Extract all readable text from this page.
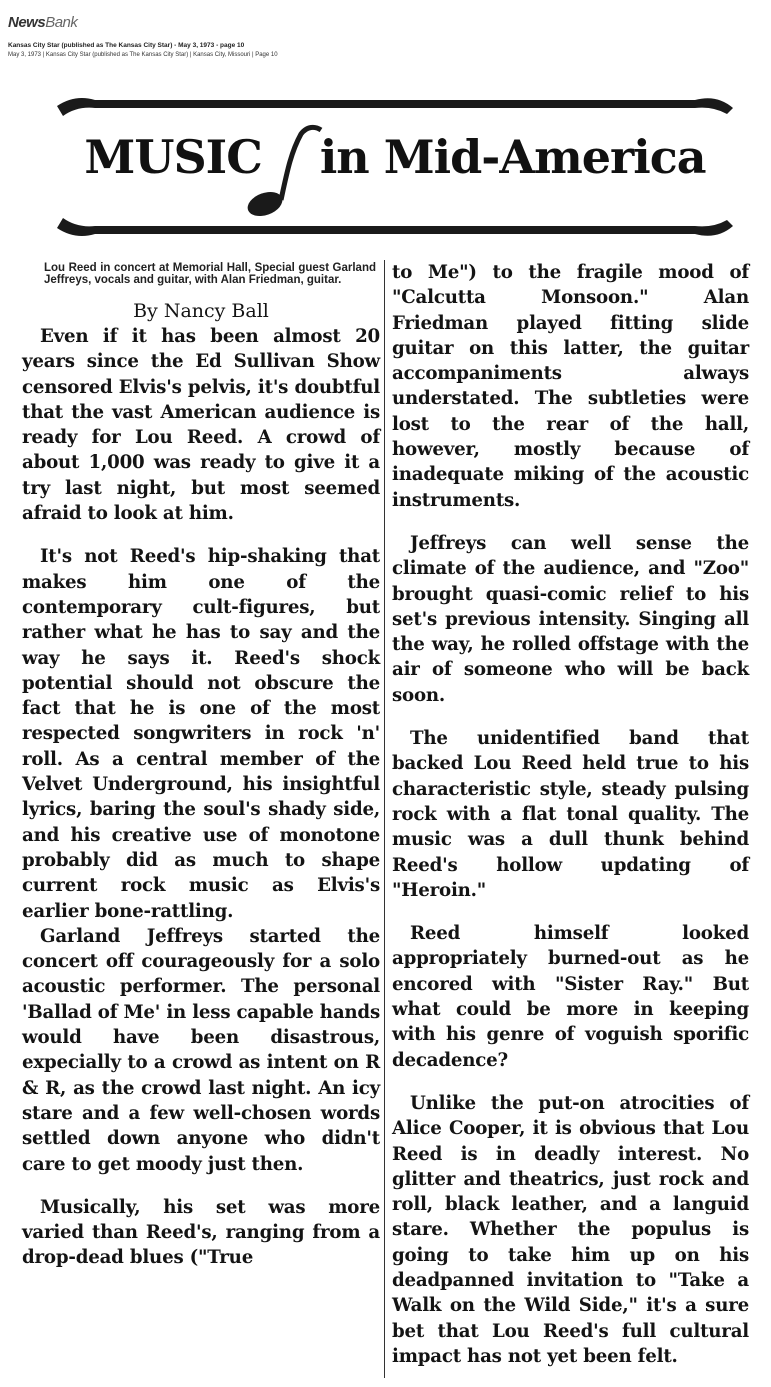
NewsBank
Kansas City Star (published as The Kansas City Star) - May 3, 1973 - page 10
May 3, 1973 | Kansas City Star (published as The Kansas City Star) | Kansas City, Missouri | Page 10
MUSIC in Mid-America
Lou Reed in concert at Memorial Hall, Special guest Garland Jeffreys, vocals and guitar, with Alan Friedman, guitar.
By Nancy Ball

Even if it has been almost 20 years since the Ed Sullivan Show censored Elvis's pelvis, it's doubtful that the vast American audience is ready for Lou Reed. A crowd of about 1,000 was ready to give it a try last night, but most seemed afraid to look at him.

It's not Reed's hip-shaking that makes him one of the contemporary cult-figures, but rather what he has to say and the way he says it. Reed's shock potential should not obscure the fact that he is one of the most respected songwriters in rock 'n' roll. As a central member of the Velvet Underground, his insightful lyrics, baring the soul's shady side, and his creative use of monotone probably did as much to shape current rock music as Elvis's earlier bone-rattling.

Garland Jeffreys started the concert off courageously for a solo acoustic performer. The personal 'Ballad of Me' in less capable hands would have been disastrous, expecially to a crowd as intent on R & R, as the crowd last night. An icy stare and a few well-chosen words settled down anyone who didn't care to get moody just then.

Musically, his set was more varied than Reed's, ranging from a drop-dead blues ("True

to Me") to the fragile mood of "Calcutta Monsoon." Alan Friedman played fitting slide guitar on this latter, the guitar accompaniments always understated. The subtleties were lost to the rear of the hall, however, mostly because of inadequate miking of the acoustic instruments.

Jeffreys can well sense the climate of the audience, and "Zoo" brought quasi-comic relief to his set's previous intensity. Singing all the way, he rolled offstage with the air of someone who will be back soon.

The unidentified band that backed Lou Reed held true to his characteristic style, steady pulsing rock with a flat tonal quality. The music was a dull thunk behind Reed's hollow updating of "Heroin."

Reed himself looked appropriately burned-out as he encored with "Sister Ray." But what could be more in keeping with his genre of voguish sporific decadence?

Unlike the put-on atrocities of Alice Cooper, it is obvious that Lou Reed is in deadly interest. No glitter and theatrics, just rock and roll, black leather, and a languid stare. Whether the populus is going to take him up on his deadpanned invitation to "Take a Walk on the Wild Side," it's a sure bet that Lou Reed's full cultural impact has not yet been felt.
